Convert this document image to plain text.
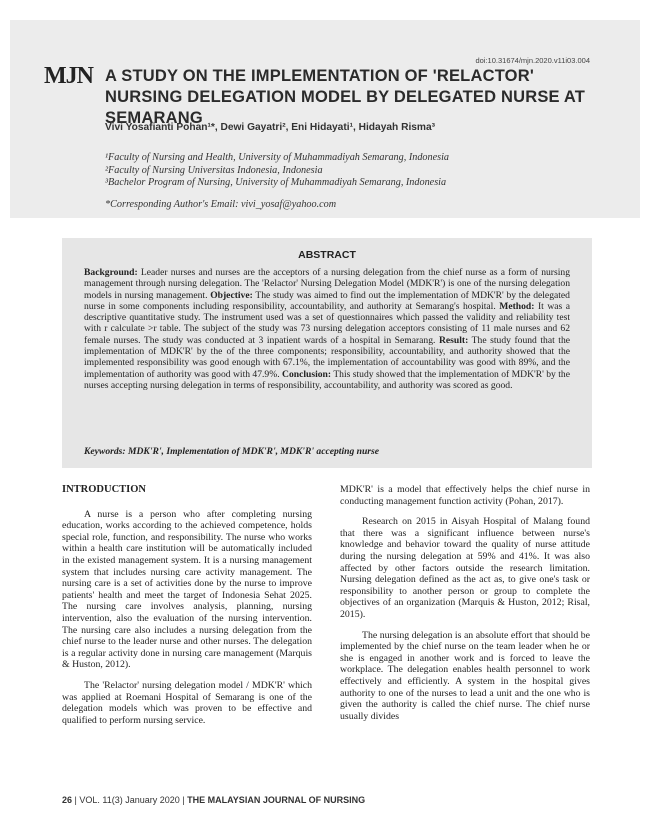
doi:10.31674/mjn.2020.v11i03.004
MJN A STUDY ON THE IMPLEMENTATION OF 'RELACTOR' NURSING DELEGATION MODEL BY DELEGATED NURSE AT SEMARANG
Vivi Yosafianti Pohan¹*, Dewi Gayatri², Eni Hidayati¹, Hidayah Risma³
¹Faculty of Nursing and Health, University of Muhammadiyah Semarang, Indonesia
²Faculty of Nursing Universitas Indonesia, Indonesia
³Bachelor Program of Nursing, University of Muhammadiyah Semarang, Indonesia
*Corresponding Author's Email: vivi_yosaf@yahoo.com
ABSTRACT
Background: Leader nurses and nurses are the acceptors of a nursing delegation from the chief nurse as a form of nursing management through nursing delegation. The 'Relactor' Nursing Delegation Model (MDK'R') is one of the nursing delegation models in nursing management. Objective: The study was aimed to find out the implementation of MDK'R' by the delegated nurse in some components including responsibility, accountability, and authority at Semarang's hospital. Method: It was a descriptive quantitative study. The instrument used was a set of questionnaires which passed the validity and reliability test with r calculate >r table. The subject of the study was 73 nursing delegation acceptors consisting of 11 male nurses and 62 female nurses. The study was conducted at 3 inpatient wards of a hospital in Semarang. Result: The study found that the implementation of MDK'R' by the of the three components; responsibility, accountability, and authority showed that the implemented responsibility was good enough with 67.1%, the implementation of accountability was good with 89%, and the implementation of authority was good with 47.9%. Conclusion: This study showed that the implementation of MDK'R' by the nurses accepting nursing delegation in terms of responsibility, accountability, and authority was scored as good.
Keywords: MDK'R', Implementation of MDK'R', MDK'R' accepting nurse
INTRODUCTION

A nurse is a person who after completing nursing education, works according to the achieved competence, holds special role, function, and responsibility. The nurse who works within a health care institution will be automatically included in the existed management system. It is a nursing management system that includes nursing care activity management. The nursing care is a set of activities done by the nurse to improve patients' health and meet the target of Indonesia Sehat 2025. The nursing care involves analysis, planning, nursing intervention, also the evaluation of the nursing intervention. The nursing care also includes a nursing delegation from the chief nurse to the leader nurse and other nurses. The delegation is a regular activity done in nursing care management (Marquis & Huston, 2012).

The 'Relactor' nursing delegation model / MDK'R' which was applied at Roemani Hospital of Semarang is one of the delegation models which was proven to be effective and qualified to perform nursing service.

MDK'R' is a model that effectively helps the chief nurse in conducting management function activity (Pohan, 2017).

Research on 2015 in Aisyah Hospital of Malang found that there was a significant influence between nurse's knowledge and behavior toward the quality of nurse attitude during the nursing delegation at 59% and 41%. It was also affected by other factors outside the research limitation. Nursing delegation defined as the act as, to give one's task or responsibility to another person or group to complete the objectives of an organization (Marquis & Huston, 2012; Risal, 2015).

The nursing delegation is an absolute effort that should be implemented by the chief nurse on the team leader when he or she is engaged in another work and is forced to leave the workplace. The delegation enables health personnel to work effectively and efficiently. A system in the hospital gives authority to one of the nurses to lead a unit and the one who is given the authority is called the chief nurse. The chief nurse usually divides

26 | VOL. 11(3) January 2020 | THE MALAYSIAN JOURNAL OF NURSING
